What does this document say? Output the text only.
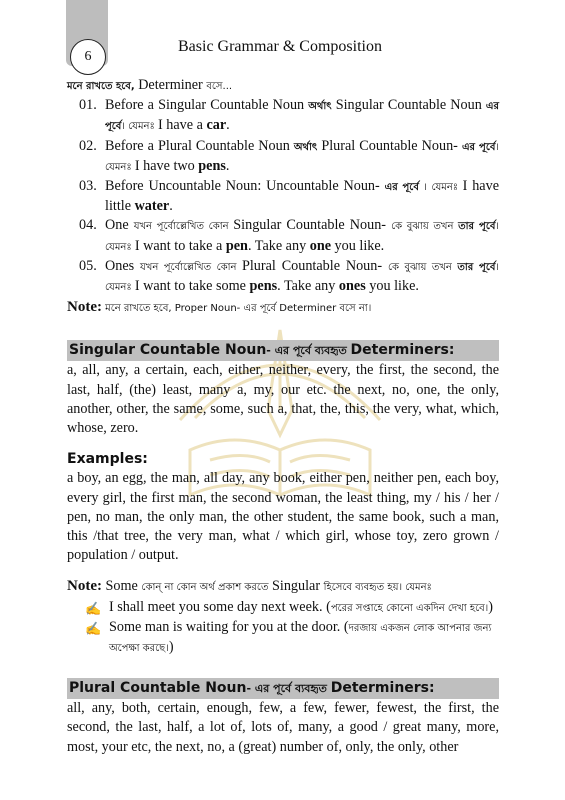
6
Basic Grammar & Composition
মনে রাখতে হবে, Determiner বসে...
01. Before a Singular Countable Noun অর্থাৎ Singular Countable Noun এর পূর্বে। যেমনঃ I have a car.
02. Before a Plural Countable Noun অর্থাৎ Plural Countable Noun- এর পূর্বে। যেমনঃ I have two pens.
03. Before Uncountable Noun: Uncountable Noun- এর পূর্বে । যেমনঃ I have little water.
04. One যখন পূর্বোল্লেখিত কোন Singular Countable Noun- কে বুঝায় তখন তার পূর্বে। যেমনঃ I want to take a pen. Take any one you like.
05. Ones যখন পূর্বোল্লেখিত কোন Plural Countable Noun- কে বুঝায় তখন তার পূর্বে। যেমনঃ I want to take some pens. Take any ones you like.
Note: মনে রাখতে হবে, Proper Noun- এর পূর্বে Determiner বসে না।
Singular Countable Noun- এর পূর্বে ব্যবহৃত Determiners:
a, all, any, a certain, each, either, neither, every, the first, the second, the last, half, (the) least, many a, my, our etc. the next, no, one, the only, another, other, the same, some, such a, that, the, this, the very, what, which, whose, zero.
Examples:
a boy, an egg, the man, all day, any book, either pen, neither pen, each boy, every girl, the first man, the second woman, the least thing, my / his / her / pen, no man, the only man, the other student, the same book, such a man, this /that tree, the very man, what / which girl, whose toy, zero grown / population / output.
Note: Some কোন্ না কোন অর্থ প্রকাশ করতে Singular হিসেবে ব্যবহৃত হয়। যেমনঃ
✍ I shall meet you some day next week. (পরের সপ্তাহে কোনো একদিন দেখা হবে।)
✍ Some man is waiting for you at the door. (দরজায় একজন লোক আপনার জন্য অপেক্ষা করছে।)
Plural Countable Noun- এর পূর্বে ব্যবহৃত Determiners:
all, any, both, certain, enough, few, a few, fewer, fewest, the first, the second, the last, half, a lot of, lots of, many, a good / great many, more, most, your etc, the next, no, a (great) number of, only, the only, other
